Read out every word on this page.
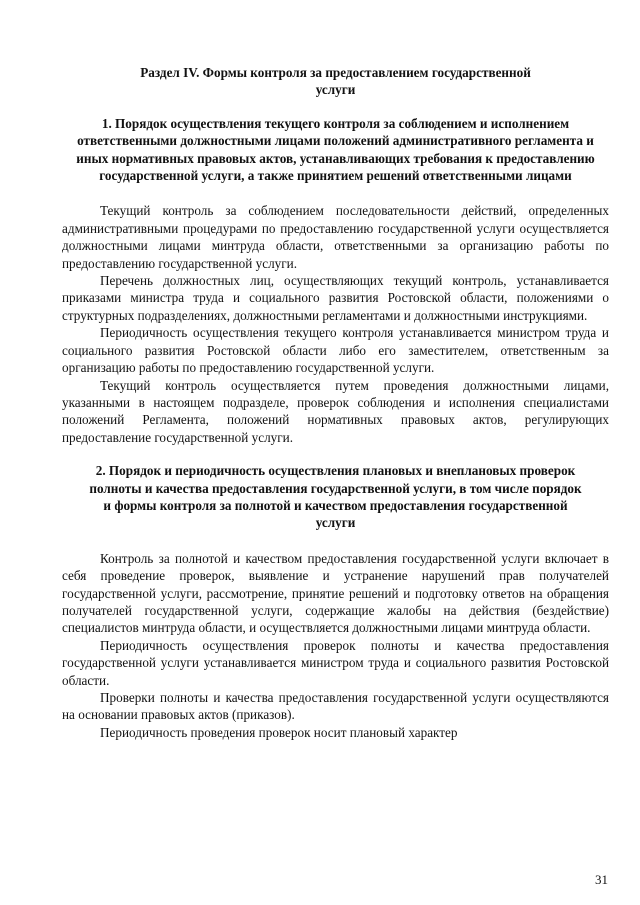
Раздел IV. Формы контроля за предоставлением государственной услуги
1. Порядок осуществления текущего контроля за соблюдением и исполнением ответственными должностными лицами положений административного регламента и иных нормативных правовых актов, устанавливающих требования к предоставлению государственной услуги, а также принятием решений ответственными лицами

Текущий контроль за соблюдением последовательности действий, определенных административными процедурами по предоставлению государственной услуги осуществляется должностными лицами минтруда области, ответственными за организацию работы по предоставлению государственной услуги.

Перечень должностных лиц, осуществляющих текущий контроль, устанавливается приказами министра труда и социального развития Ростовской области, положениями о структурных подразделениях, должностными регламентами и должностными инструкциями.

Периодичность осуществления текущего контроля устанавливается министром труда и социального развития Ростовской области либо его заместителем, ответственным за организацию работы по предоставлению государственной услуги.

Текущий контроль осуществляется путем проведения должностными лицами, указанными в настоящем подразделе, проверок соблюдения и исполнения специалистами положений Регламента, положений нормативных правовых актов, регулирующих предоставление государственной услуги.

2. Порядок и периодичность осуществления плановых и внеплановых проверок полноты и качества предоставления государственной услуги, в том числе порядок и формы контроля за полнотой и качеством предоставления государственной услуги

Контроль за полнотой и качеством предоставления государственной услуги включает в себя проведение проверок, выявление и устранение нарушений прав получателей государственной услуги, рассмотрение, принятие решений и подготовку ответов на обращения получателей государственной услуги, содержащие жалобы на действия (бездействие) специалистов минтруда области, и осуществляется должностными лицами минтруда области.

Периодичность осуществления проверок полноты и качества предоставления государственной услуги устанавливается министром труда и социального развития Ростовской области.

Проверки полноты и качества предоставления государственной услуги осуществляются на основании правовых актов (приказов).

Периодичность проведения проверок носит плановый характер

31
